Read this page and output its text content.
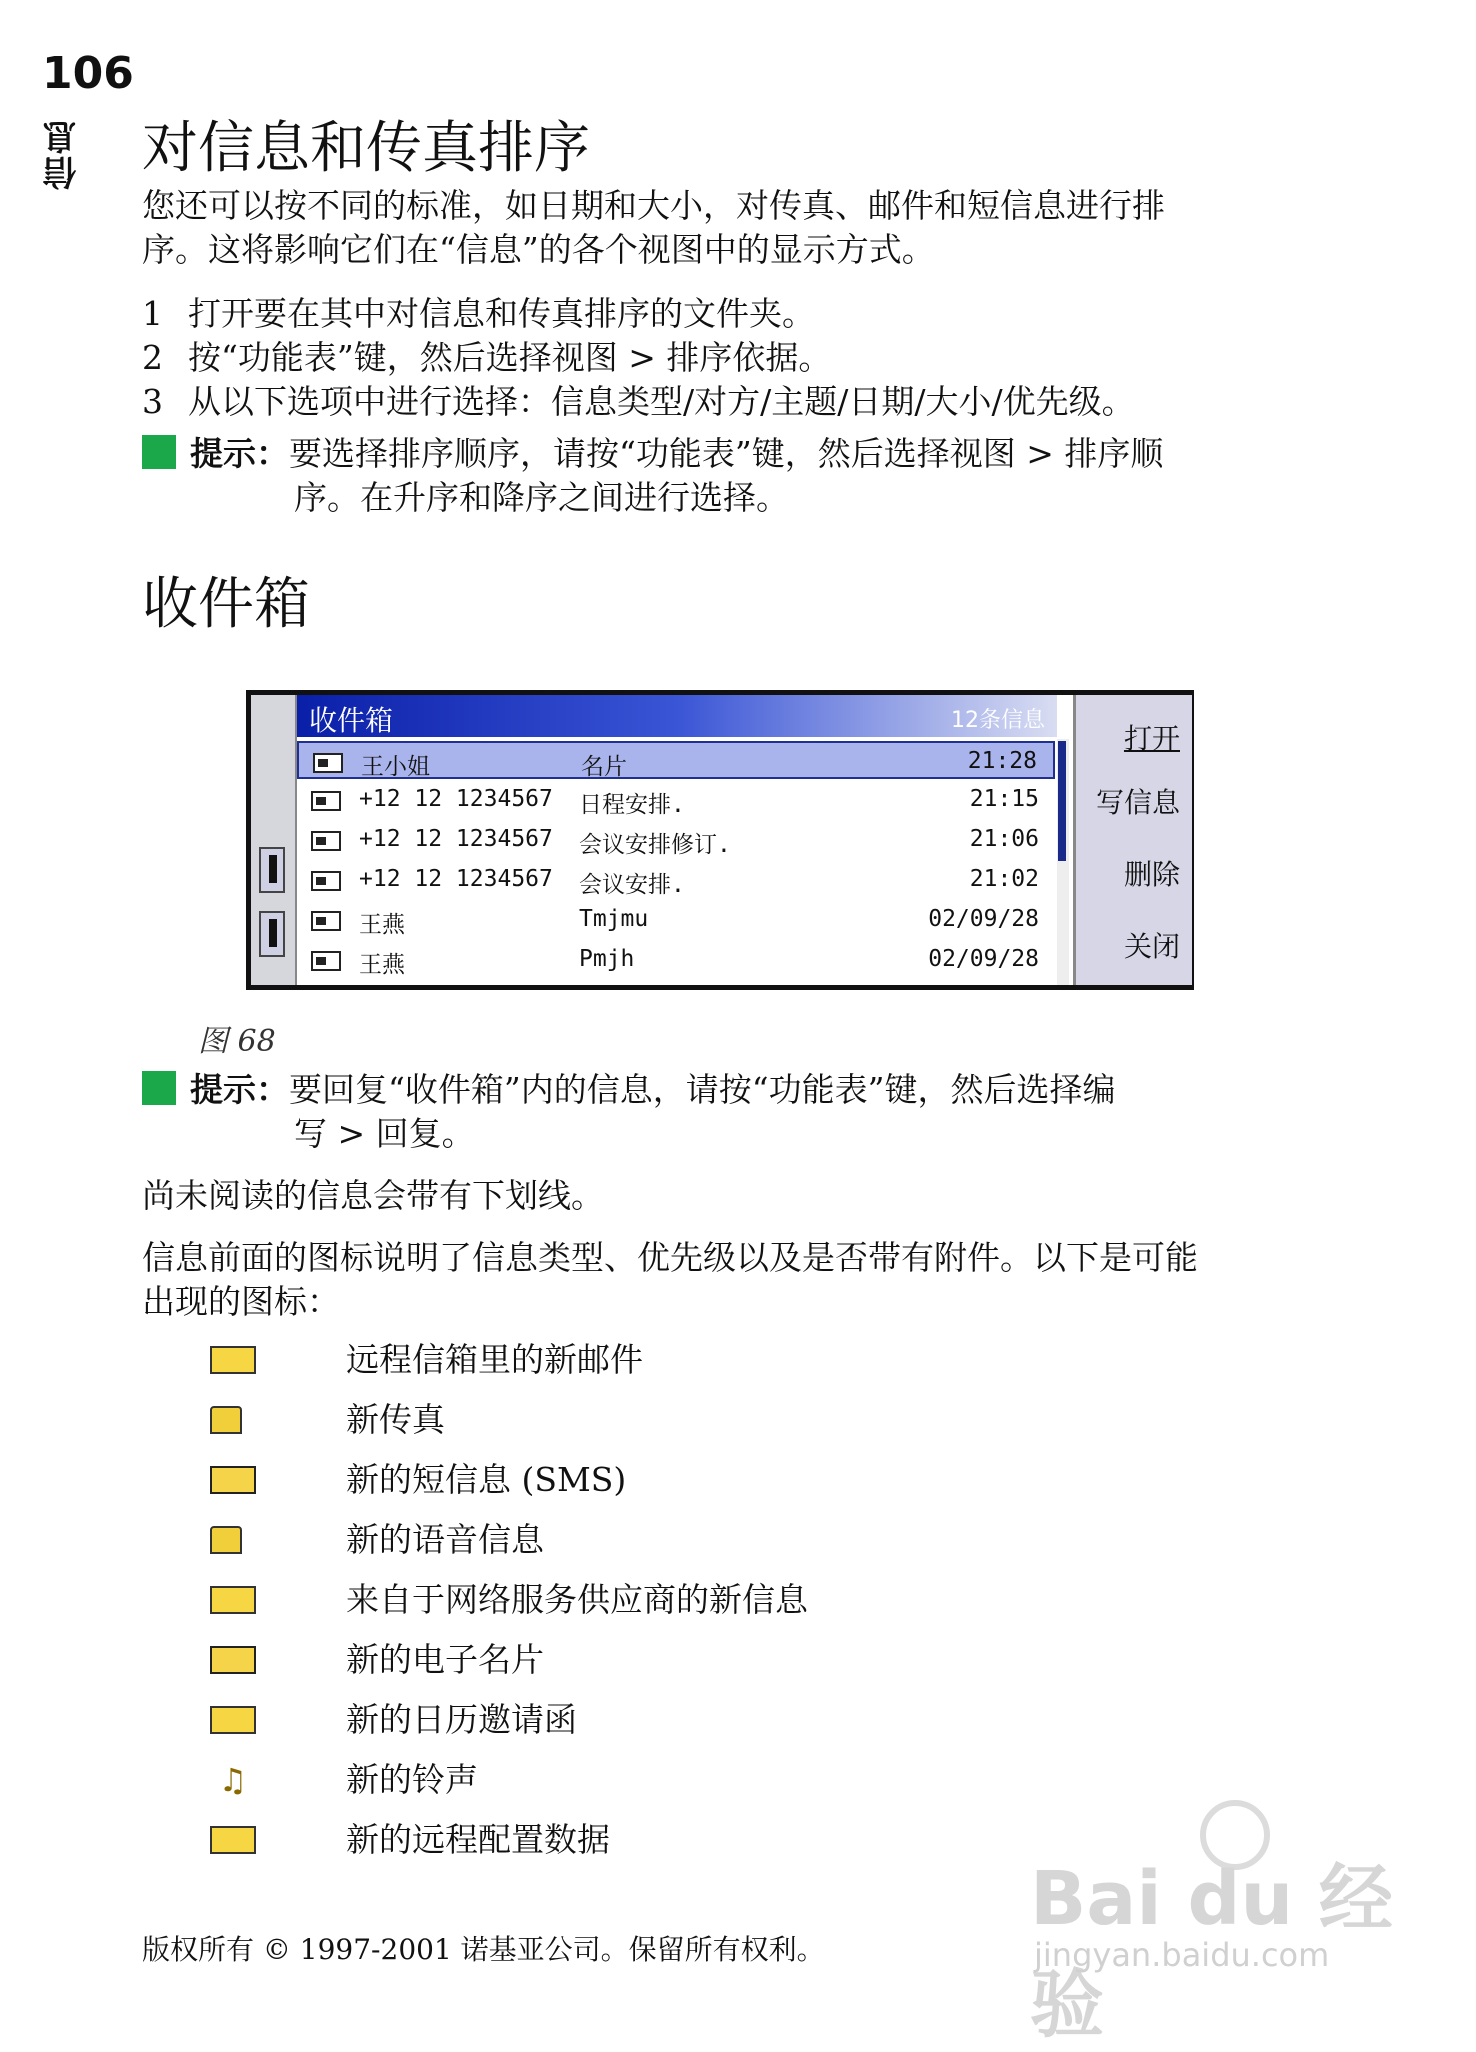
106
信息 对信息和传真排序
您还可以按不同的标准，如日期和大小，对传真、邮件和短信息进行排
序。这将影响它们在“信息”的各个视图中的显示方式。
1 打开要在其中对信息和传真排序的文件夹。
2 按“功能表”键，然后选择视图 > 排序依据。
3 从以下选项中进行选择：信息类型/对方/主题/日期/大小/优先级。
提示：要选择排序顺序，请按“功能表”键，然后选择视图 > 排序顺
序。在升序和降序之间进行选择。
收件箱
收件箱	12条信息
王小姐	名片	21:28
+12 12 1234567 日程安排.	21:15
+12 12 1234567 会议安排修订.	21:06
+12 12 1234567 会议安排.	21:02
王燕	Tmjmu	02/09/28
王燕	Pmjh	02/09/28
打开
写信息
删除
关闭
图 68
提示：要回复“收件箱”内的信息，请按“功能表”键，然后选择编
写 > 回复。
尚未阅读的信息会带有下划线。
信息前面的图标说明了信息类型、优先级以及是否带有附件。以下是可能
出现的图标：
远程信箱里的新邮件
新传真
新的短信息 (SMS)
新的语音信息
来自于网络服务供应商的新信息
新的电子名片
新的日历邀请函
♫	新的铃声
新的远程配置数据
版权所有 © 1997-2001 诺基亚公司。保留所有权利。
Bai du 经验
jingyan.baidu.com
